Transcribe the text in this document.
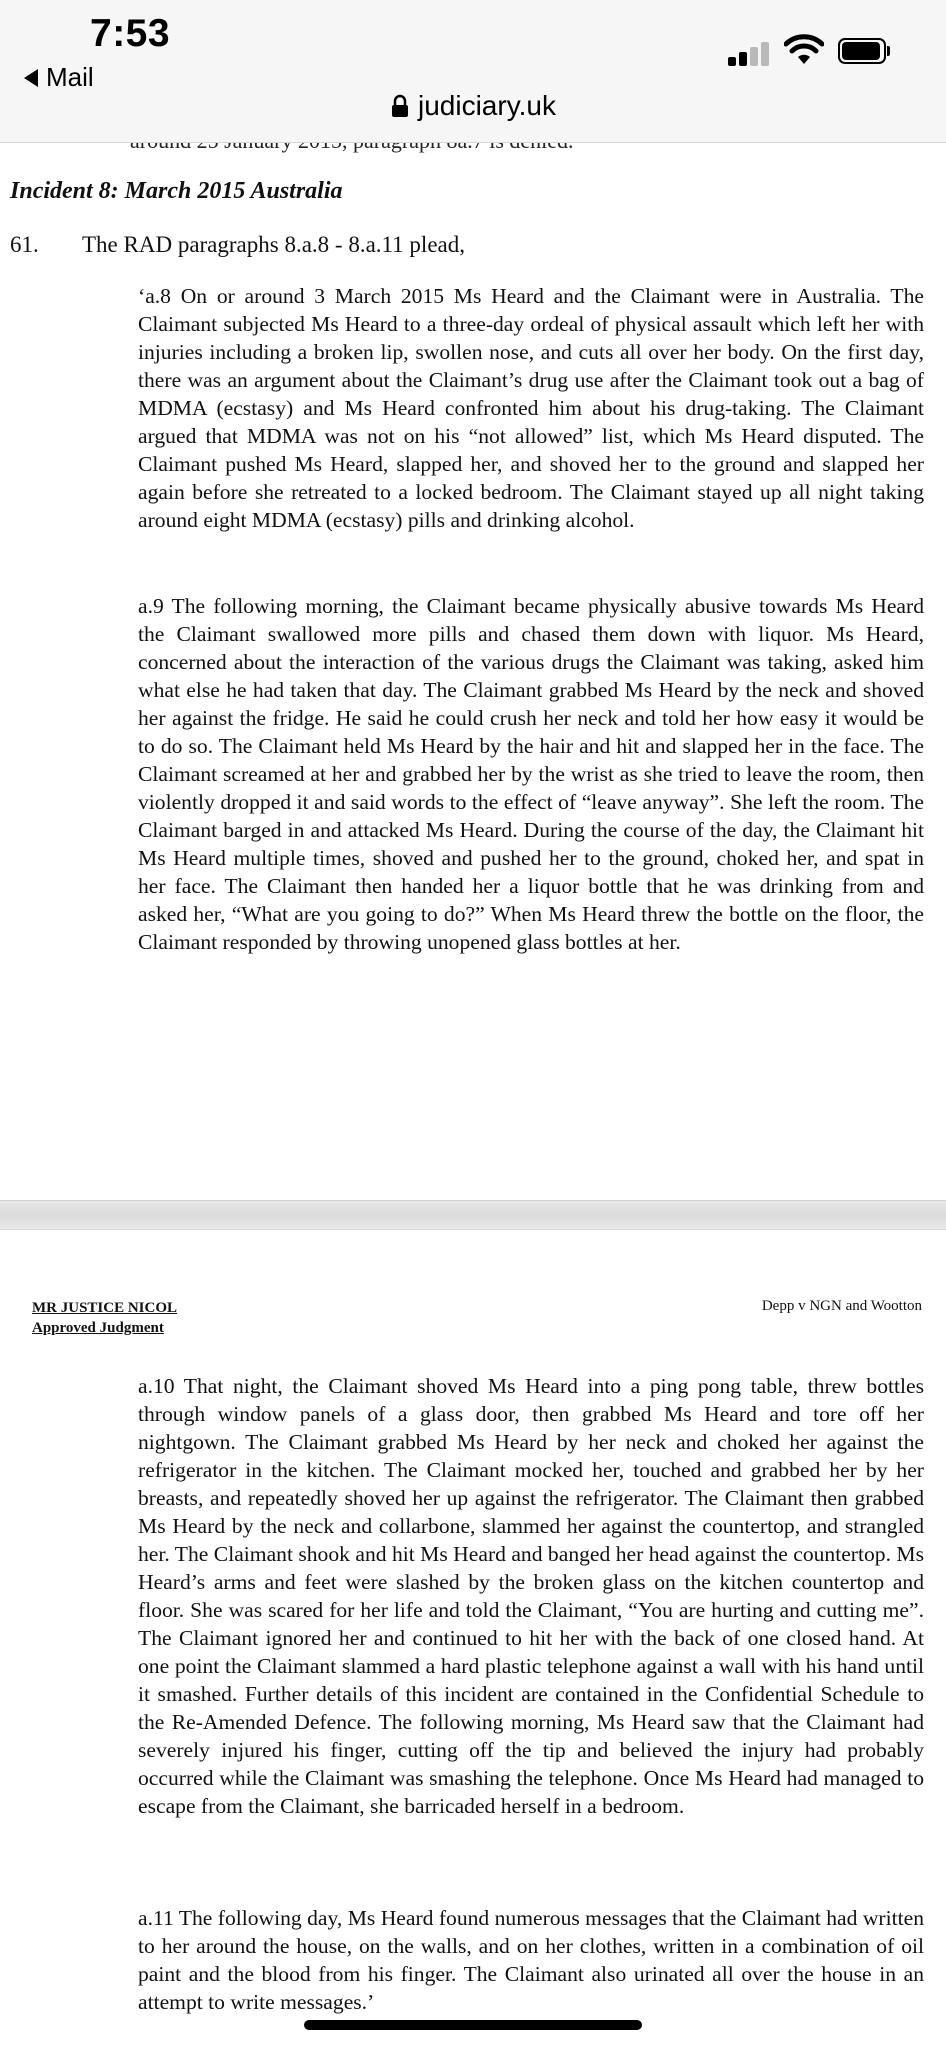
7:53
Mail
judiciary.uk
Incident 8: March 2015 Australia
61. The RAD paragraphs 8.a.8 - 8.a.11 plead,

‘a.8 On or around 3 March 2015 Ms Heard and the Claimant were in Australia. The Claimant subjected Ms Heard to a three-day ordeal of physical assault which left her with injuries including a broken lip, swollen nose, and cuts all over her body. On the first day, there was an argument about the Claimant’s drug use after the Claimant took out a bag of MDMA (ecstasy) and Ms Heard confronted him about his drug-taking. The Claimant argued that MDMA was not on his “not allowed” list, which Ms Heard disputed. The Claimant pushed Ms Heard, slapped her, and shoved her to the ground and slapped her again before she retreated to a locked bedroom. The Claimant stayed up all night taking around eight MDMA (ecstasy) pills and drinking alcohol.

a.9 The following morning, the Claimant became physically abusive towards Ms Heard the Claimant swallowed more pills and chased them down with liquor. Ms Heard, concerned about the interaction of the various drugs the Claimant was taking, asked him what else he had taken that day. The Claimant grabbed Ms Heard by the neck and shoved her against the fridge. He said he could crush her neck and told her how easy it would be to do so. The Claimant held Ms Heard by the hair and hit and slapped her in the face. The Claimant screamed at her and grabbed her by the wrist as she tried to leave the room, then violently dropped it and said words to the effect of “leave anyway”. She left the room. The Claimant barged in and attacked Ms Heard. During the course of the day, the Claimant hit Ms Heard multiple times, shoved and pushed her to the ground, choked her, and spat in her face. The Claimant then handed her a liquor bottle that he was drinking from and asked her, “What are you going to do?” When Ms Heard threw the bottle on the floor, the Claimant responded by throwing unopened glass bottles at her.

MR JUSTICE NICOL
Approved Judgment
Depp v NGN and Wootton

a.10 That night, the Claimant shoved Ms Heard into a ping pong table, threw bottles through window panels of a glass door, then grabbed Ms Heard and tore off her nightgown. The Claimant grabbed Ms Heard by her neck and choked her against the refrigerator in the kitchen. The Claimant mocked her, touched and grabbed her by her breasts, and repeatedly shoved her up against the refrigerator. The Claimant then grabbed Ms Heard by the neck and collarbone, slammed her against the countertop, and strangled her. The Claimant shook and hit Ms Heard and banged her head against the countertop. Ms Heard’s arms and feet were slashed by the broken glass on the kitchen countertop and floor. She was scared for her life and told the Claimant, “You are hurting and cutting me”. The Claimant ignored her and continued to hit her with the back of one closed hand. At one point the Claimant slammed a hard plastic telephone against a wall with his hand until it smashed. Further details of this incident are contained in the Confidential Schedule to the Re-Amended Defence. The following morning, Ms Heard saw that the Claimant had severely injured his finger, cutting off the tip and believed the injury had probably occurred while the Claimant was smashing the telephone. Once Ms Heard had managed to escape from the Claimant, she barricaded herself in a bedroom.

a.11 The following day, Ms Heard found numerous messages that the Claimant had written to her around the house, on the walls, and on her clothes, written in a combination of oil paint and the blood from his finger. The Claimant also urinated all over the house in an attempt to write messages.’
